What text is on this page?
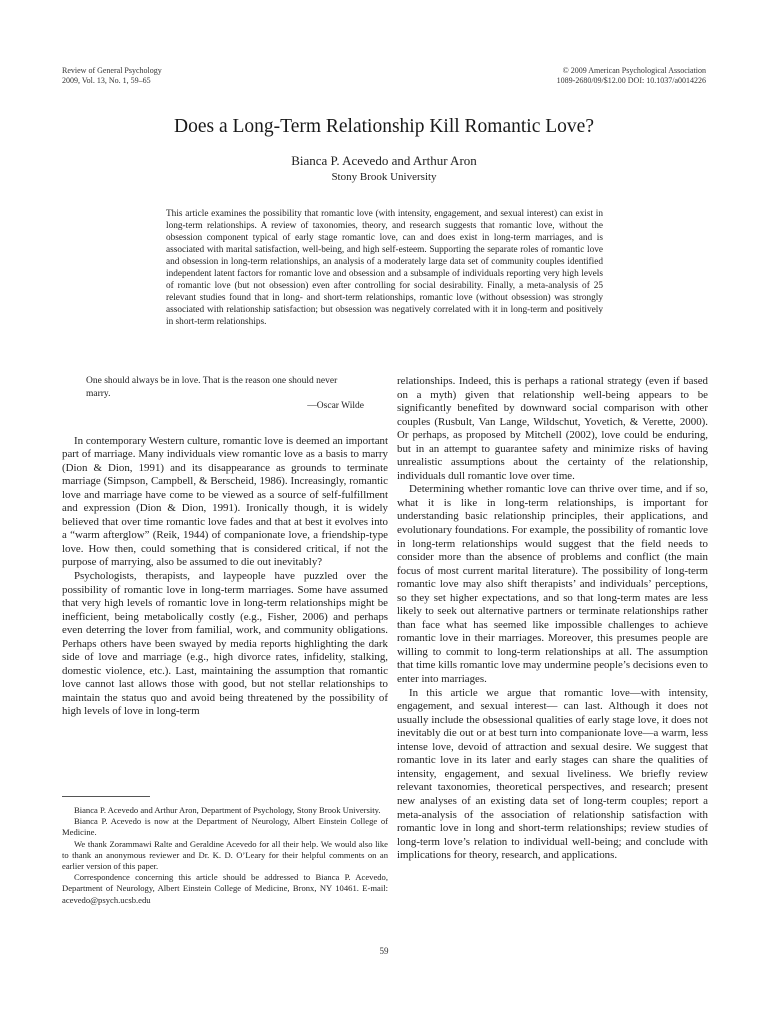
Review of General Psychology
2009, Vol. 13, No. 1, 59–65
© 2009 American Psychological Association
1089-2680/09/$12.00 DOI: 10.1037/a0014226
Does a Long-Term Relationship Kill Romantic Love?
Bianca P. Acevedo and Arthur Aron
Stony Brook University

This article examines the possibility that romantic love (with intensity, engagement, and sexual interest) can exist in long-term relationships. A review of taxonomies, theory, and research suggests that romantic love, without the obsession component typical of early stage romantic love, can and does exist in long-term marriages, and is associated with marital satisfaction, well-being, and high self-esteem. Supporting the separate roles of romantic love and obsession in long-term relationships, an analysis of a moderately large data set of community couples identified independent latent factors for romantic love and obsession and a subsample of individuals reporting very high levels of romantic love (but not obsession) even after controlling for social desirability. Finally, a meta-analysis of 25 relevant studies found that in long- and short-term relationships, romantic love (without obsession) was strongly associated with relationship satisfaction; but obsession was negatively correlated with it in long-term and positively in short-term relationships.

One should always be in love. That is the reason one should never marry.

—Oscar Wilde

In contemporary Western culture, romantic love is deemed an important part of marriage. Many individuals view romantic love as a basis to marry (Dion & Dion, 1991) and its disappearance as grounds to terminate marriage (Simpson, Campbell, & Berscheid, 1986). Increasingly, romantic love and marriage have come to be viewed as a source of self-fulfillment and expression (Dion & Dion, 1991). Ironically though, it is widely believed that over time romantic love fades and that at best it evolves into a “warm afterglow” (Reik, 1944) of companionate love, a friendship-type love. How then, could something that is considered critical, if not the purpose of marrying, also be assumed to die out inevitably?

Psychologists, therapists, and laypeople have puzzled over the possibility of romantic love in long-term marriages. Some have assumed that very high levels of romantic love in long-term relationships might be inefficient, being metabolically costly (e.g., Fisher, 2006) and perhaps even deterring the lover from familial, work, and community obligations. Perhaps others have been swayed by media reports highlighting the dark side of love and marriage (e.g., high divorce rates, infidelity, stalking, domestic violence, etc.). Last, maintaining the assumption that romantic love cannot last allows those with good, but not stellar relationships to maintain the status quo and avoid being threatened by the possibility of high levels of love in long-term

relationships. Indeed, this is perhaps a rational strategy (even if based on a myth) given that relationship well-being appears to be significantly benefited by downward social comparison with other couples (Rusbult, Van Lange, Wildschut, Yovetich, & Verette, 2000). Or perhaps, as proposed by Mitchell (2002), love could be enduring, but in an attempt to guarantee safety and minimize risks of having unrealistic assumptions about the certainty of the relationship, individuals dull romantic love over time.

Determining whether romantic love can thrive over time, and if so, what it is like in long-term relationships, is important for understanding basic relationship principles, their applications, and evolutionary foundations. For example, the possibility of romantic love in long-term relationships would suggest that the field needs to consider more than the absence of problems and conflict (the main focus of most current marital literature). The possibility of long-term romantic love may also shift therapists’ and individuals’ perceptions, so they set higher expectations, and so that long-term mates are less likely to seek out alternative partners or terminate relationships rather than face what has seemed like impossible challenges to achieve romantic love in their marriages. Moreover, this presumes people are willing to commit to long-term relationships at all. The assumption that time kills romantic love may undermine people’s decisions even to enter into marriages.

In this article we argue that romantic love—with intensity, engagement, and sexual interest— can last. Although it does not usually include the obsessional qualities of early stage love, it does not inevitably die out or at best turn into companionate love—a warm, less intense love, devoid of attraction and sexual desire. We suggest that romantic love in its later and early stages can share the qualities of intensity, engagement, and sexual liveliness. We briefly review relevant taxonomies, theoretical perspectives, and research; present new analyses of an existing data set of long-term couples; report a meta-analysis of the association of relationship satisfaction with romantic love in long and short-term relationships; review studies of long-term love’s relation to individual well-being; and conclude with implications for theory, research, and applications.

Bianca P. Acevedo and Arthur Aron, Department of Psychology, Stony Brook University.

Bianca P. Acevedo is now at the Department of Neurology, Albert Einstein College of Medicine.

We thank Zorammawi Ralte and Geraldine Acevedo for all their help. We would also like to thank an anonymous reviewer and Dr. K. D. O’Leary for their helpful comments on an earlier version of this paper.

Correspondence concerning this article should be addressed to Bianca P. Acevedo, Department of Neurology, Albert Einstein College of Medicine, Bronx, NY 10461. E-mail: acevedo@psych.ucsb.edu

59
